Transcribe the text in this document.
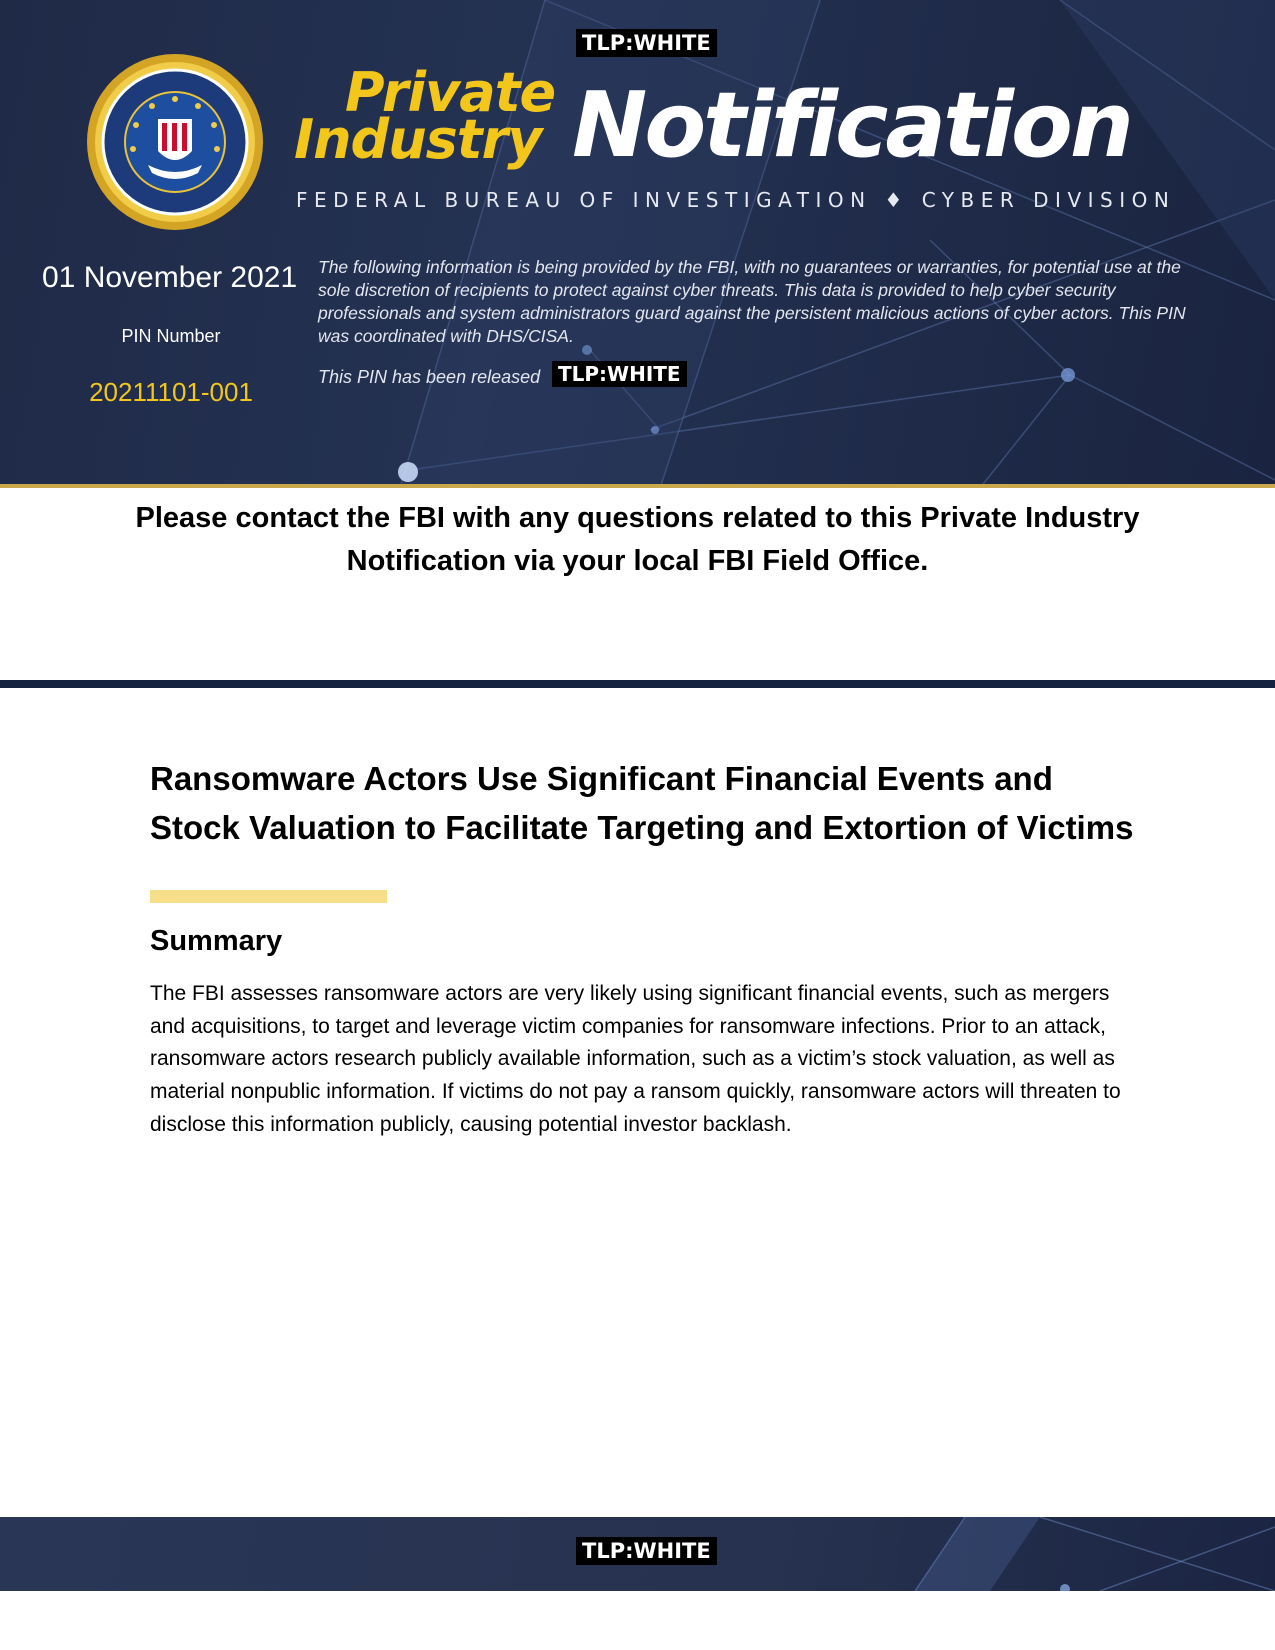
TLP:WHITE
Private
Industry Notification
FEDERAL BUREAU OF INVESTIGATION ♦ CYBER DIVISION
01 November 2021
PIN Number
20211101-001
The following information is being provided by the FBI, with no guarantees or warranties, for potential use at the sole discretion of recipients to protect against cyber threats. This data is provided to help cyber security professionals and system administrators guard against the persistent malicious actions of cyber actors. This PIN was coordinated with DHS/CISA.
This PIN has been released TLP:WHITE
Please contact the FBI with any questions related to this Private Industry Notification via your local FBI Field Office.
Ransomware Actors Use Significant Financial Events and Stock Valuation to Facilitate Targeting and Extortion of Victims
Summary

The FBI assesses ransomware actors are very likely using significant financial events, such as mergers and acquisitions, to target and leverage victim companies for ransomware infections. Prior to an attack, ransomware actors research publicly available information, such as a victim’s stock valuation, as well as material nonpublic information. If victims do not pay a ransom quickly, ransomware actors will threaten to disclose this information publicly, causing potential investor backlash.

TLP:WHITE
